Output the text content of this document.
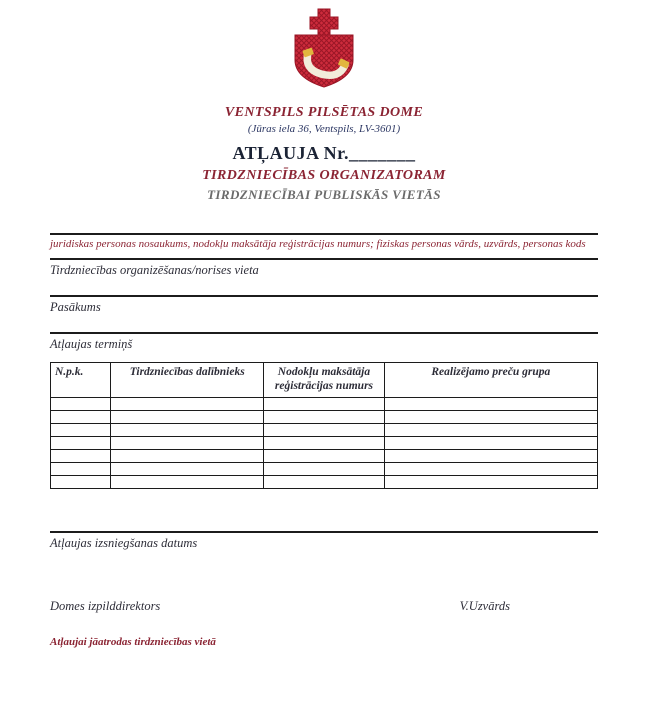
VENTSPILS PILSĒTAS DOME
(Jūras iela 36, Ventspils, LV-3601)
ATĻAUJA Nr._______
TIRDZNIECĪBAS ORGANIZATORAM
TIRDZNIECĪBAI PUBLISKĀS VIETĀS
juridiskas personas nosaukums, nodokļu maksātāja reģistrācijas numurs; fiziskas personas vārds, uzvārds, personas kods
Tirdzniecības organizēšanas/norises vieta
Pasākums
Atļaujas termiņš
N.p.k.	Tirdzniecības dalībnieks	Nodokļu maksātāja reģistrācijas numurs	Realizējamo preču grupa

Atļaujas izsniegšanas datums
Domes izpilddirektors	V.Uzvārds
Atļaujai jāatrodas tirdzniecības vietā
